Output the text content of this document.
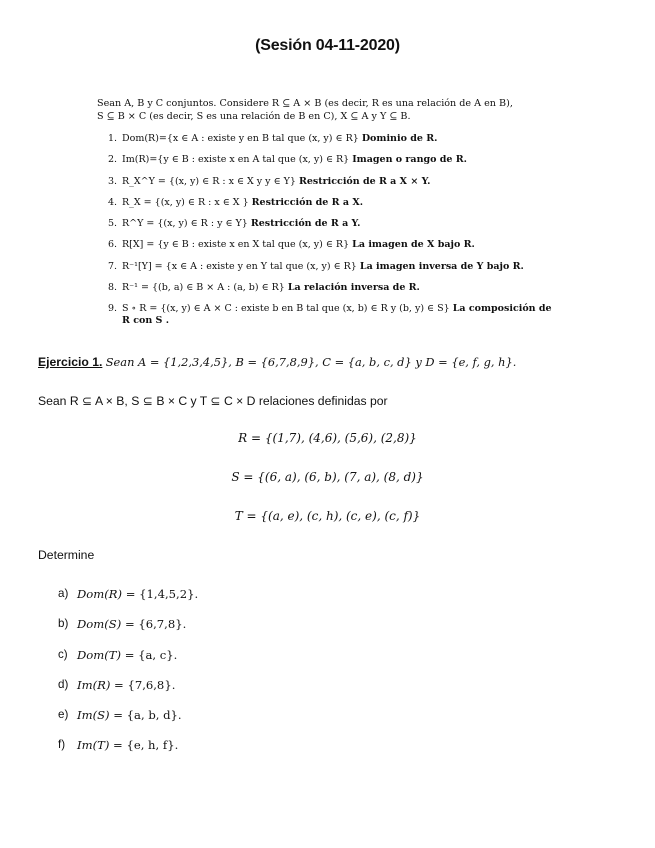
(Sesión 04-11-2020)
Sean A, B y C conjuntos. Considere R ⊆ A × B (es decir, R es una relación de A en B),
S ⊆ B × C (es decir, S es una relación de B en C), X ⊆ A y Y ⊆ B.
1. Dom(R)={x ∈ A : existe y en B tal que (x, y) ∈ R} Dominio de R.
2. Im(R)={y ∈ B : existe x en A tal que (x, y) ∈ R} Imagen o rango de R.
3. R_X^Y = {(x, y) ∈ R : x ∈ X y y ∈ Y} Restricción de R a X × Y.
4. R_X = {(x, y) ∈ R : x ∈ X } Restricción de R a X.
5. R^Y = {(x, y) ∈ R : y ∈ Y} Restricción de R a Y.
6. R[X] = {y ∈ B : existe x en X tal que (x, y) ∈ R} La imagen de X bajo R.
7. R⁻¹[Y] = {x ∈ A : existe y en Y tal que (x, y) ∈ R} La imagen inversa de Y bajo R.
8. R⁻¹ = {(b, a) ∈ B × A : (a, b) ∈ R} La relación inversa de R.
9. S ∘ R = {(x, y) ∈ A × C : existe b en B tal que (x, b) ∈ R y (b, y) ∈ S} La composición de R con S .
Ejercicio 1. Sean A = {1,2,3,4,5}, B = {6,7,8,9}, C = {a, b, c, d} y D = {e, f, g, h}.
Sean R ⊆ A × B, S ⊆ B × C y T ⊆ C × D relaciones definidas por
R = {(1,7), (4,6), (5,6), (2,8)}
S = {(6, a), (6, b), (7, a), (8, d)}
T = {(a, e), (c, h), (c, e), (c, f)}
Determine
a) Dom(R) =
{1,4,5,2}.
b) Dom(S) =
{6,7,8}.
c) Dom(T) =
{a, c}.
d) Im(R) =
{7,6,8}.
e) Im(S) =
{a, b, d}.
f)	Im(T) =
{e, h, f}.
